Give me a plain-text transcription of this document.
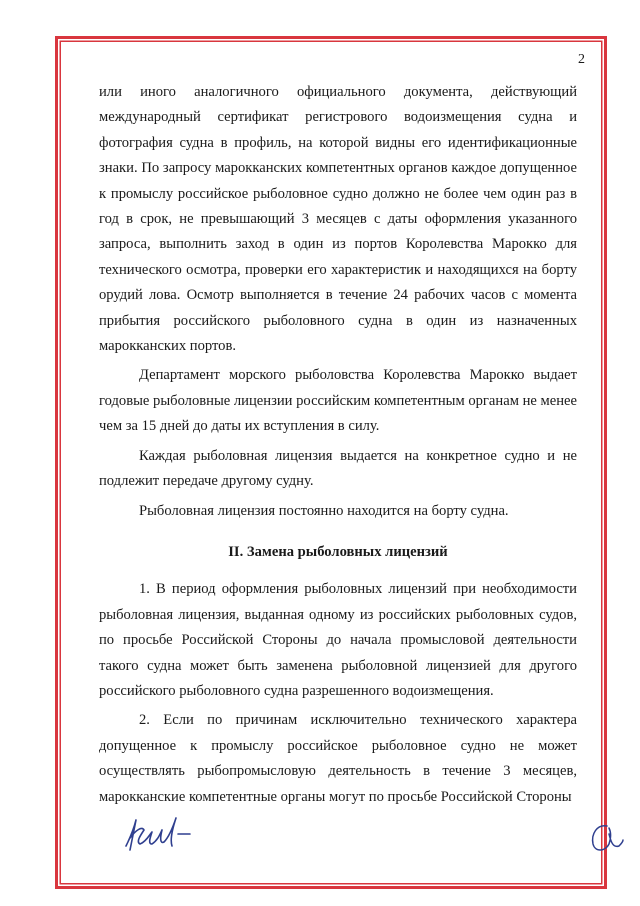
2

или иного аналогичного официального документа, действующий международный сертификат регистрового водоизмещения судна и фотография судна в профиль, на которой видны его идентификационные знаки. По запросу марокканских компетентных органов каждое допущенное к промыслу российское рыболовное судно должно не более чем один раз в год в срок, не превышающий 3 месяцев с даты оформления указанного запроса, выполнить заход в один из портов Королевства Марокко для технического осмотра, проверки его характеристик и находящихся на борту орудий лова. Осмотр выполняется в течение 24 рабочих часов с момента прибытия российского рыболовного судна в один из назначенных марокканских портов.

Департамент морского рыболовства Королевства Марокко выдает годовые рыболовные лицензии российским компетентным органам не менее чем за 15 дней до даты их вступления в силу.

Каждая рыболовная лицензия выдается на конкретное судно и не подлежит передаче другому судну.

Рыболовная лицензия постоянно находится на борту судна.

II. Замена рыболовных лицензий

1. В период оформления рыболовных лицензий при необходимости рыболовная лицензия, выданная одному из российских рыболовных судов, по просьбе Российской Стороны до начала промысловой деятельности такого судна может быть заменена рыболовной лицензией для другого российского рыболовного судна разрешенного водоизмещения.

2. Если по причинам исключительно технического характера допущенное к промыслу российское рыболовное судно не может осуществлять рыбопромысловую деятельность в течение 3 месяцев, марокканские компетентные органы могут по просьбе Российской Стороны
